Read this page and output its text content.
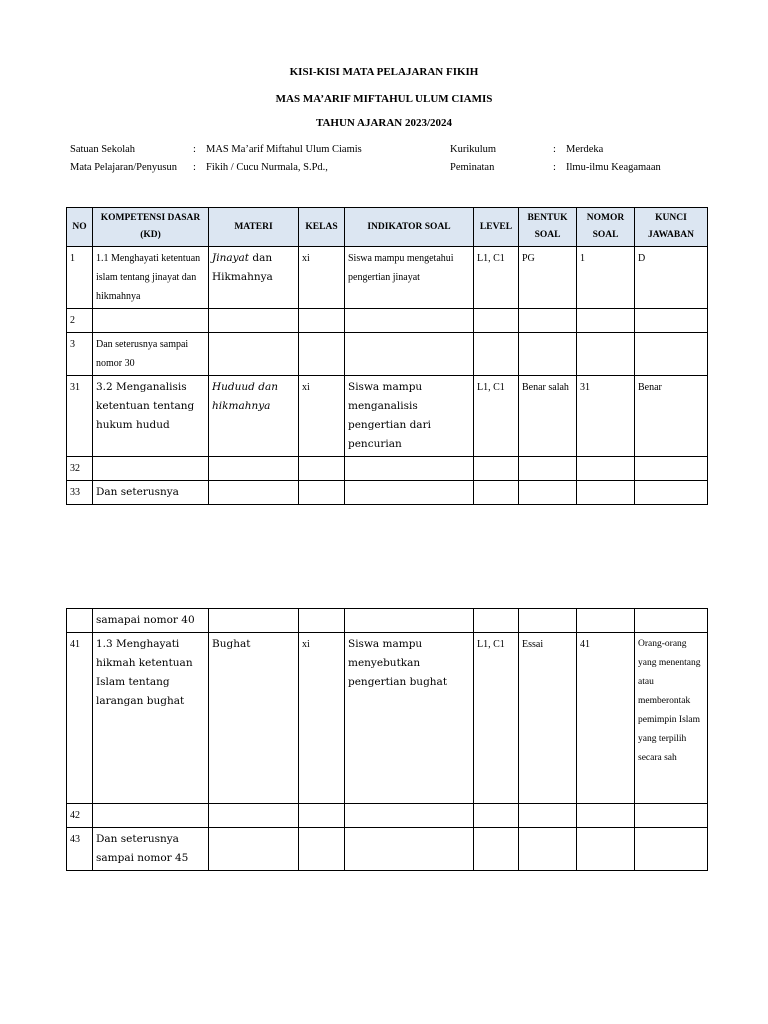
KISI-KISI MATA PELAJARAN FIKIH
MAS MA’ARIF MIFTAHUL ULUM CIAMIS
TAHUN AJARAN 2023/2024
Satuan Sekolah	: MAS Ma’arif Miftahul Ulum Ciamis	Kurikulum	: Merdeka
Mata Pelajaran/Penyusun : Fikih / Cucu Nurmala, S.Pd.,	Peminatan	: Ilmu-ilmu Keagamaan
NO	KOMPETENSI DASAR (KD)	MATERI	KELAS	INDIKATOR SOAL	LEVEL	BENTUK SOAL	NOMOR SOAL	KUNCI JAWABAN
1	1.1 Menghayati ketentuan islam tentang jinayat dan hikmahnya	Jinayat dan Hikmahnya	xi	Siswa mampu mengetahui pengertian jinayat	L1, C1	PG	1	D
2								
3	Dan seterusnya sampai nomor 30							
31	3.2 Menganalisis ketentuan tentang hukum hudud	Huduud dan hikmahnya	xi	Siswa mampu menganalisis pengertian dari pencurian	L1, C1	Benar salah	31	Benar
32								
33	Dan seterusnya							
	samapai nomor 40							
41	1.3 Menghayati hikmah ketentuan Islam tentang larangan bughat	Bughat	xi	Siswa mampu menyebutkan pengertian bughat	L1, C1	Essai	41	Orang-orang yang menentang atau memberontak pemimpin Islam yang terpilih secara sah
42								
43	Dan seterusnya sampai nomor 45							
